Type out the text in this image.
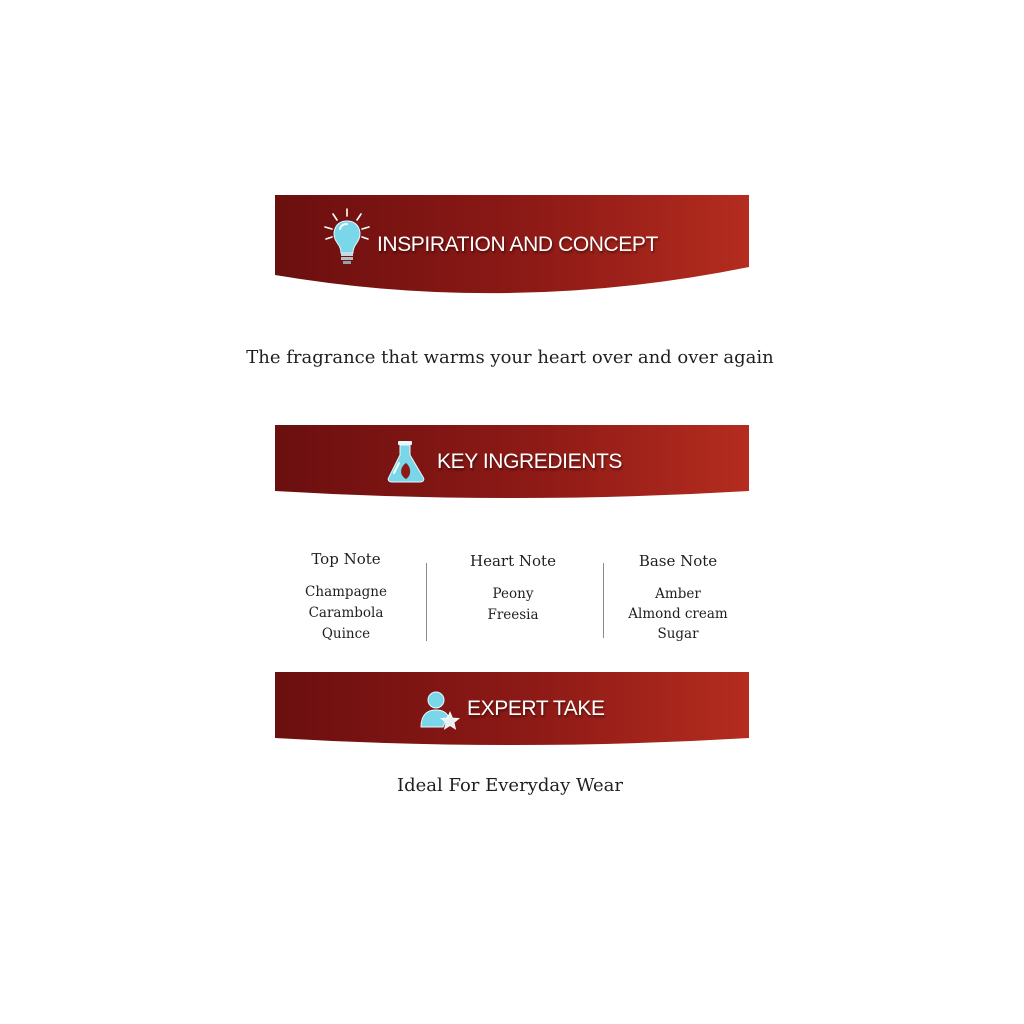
INSPIRATION AND CONCEPT
The fragrance that warms your heart over and over again
KEY INGREDIENTS
Top Note
Champagne
Carambola
Quince
Heart Note
Peony
Freesia
Base Note
Amber
Almond cream
Sugar
EXPERT TAKE
Ideal For Everyday Wear
